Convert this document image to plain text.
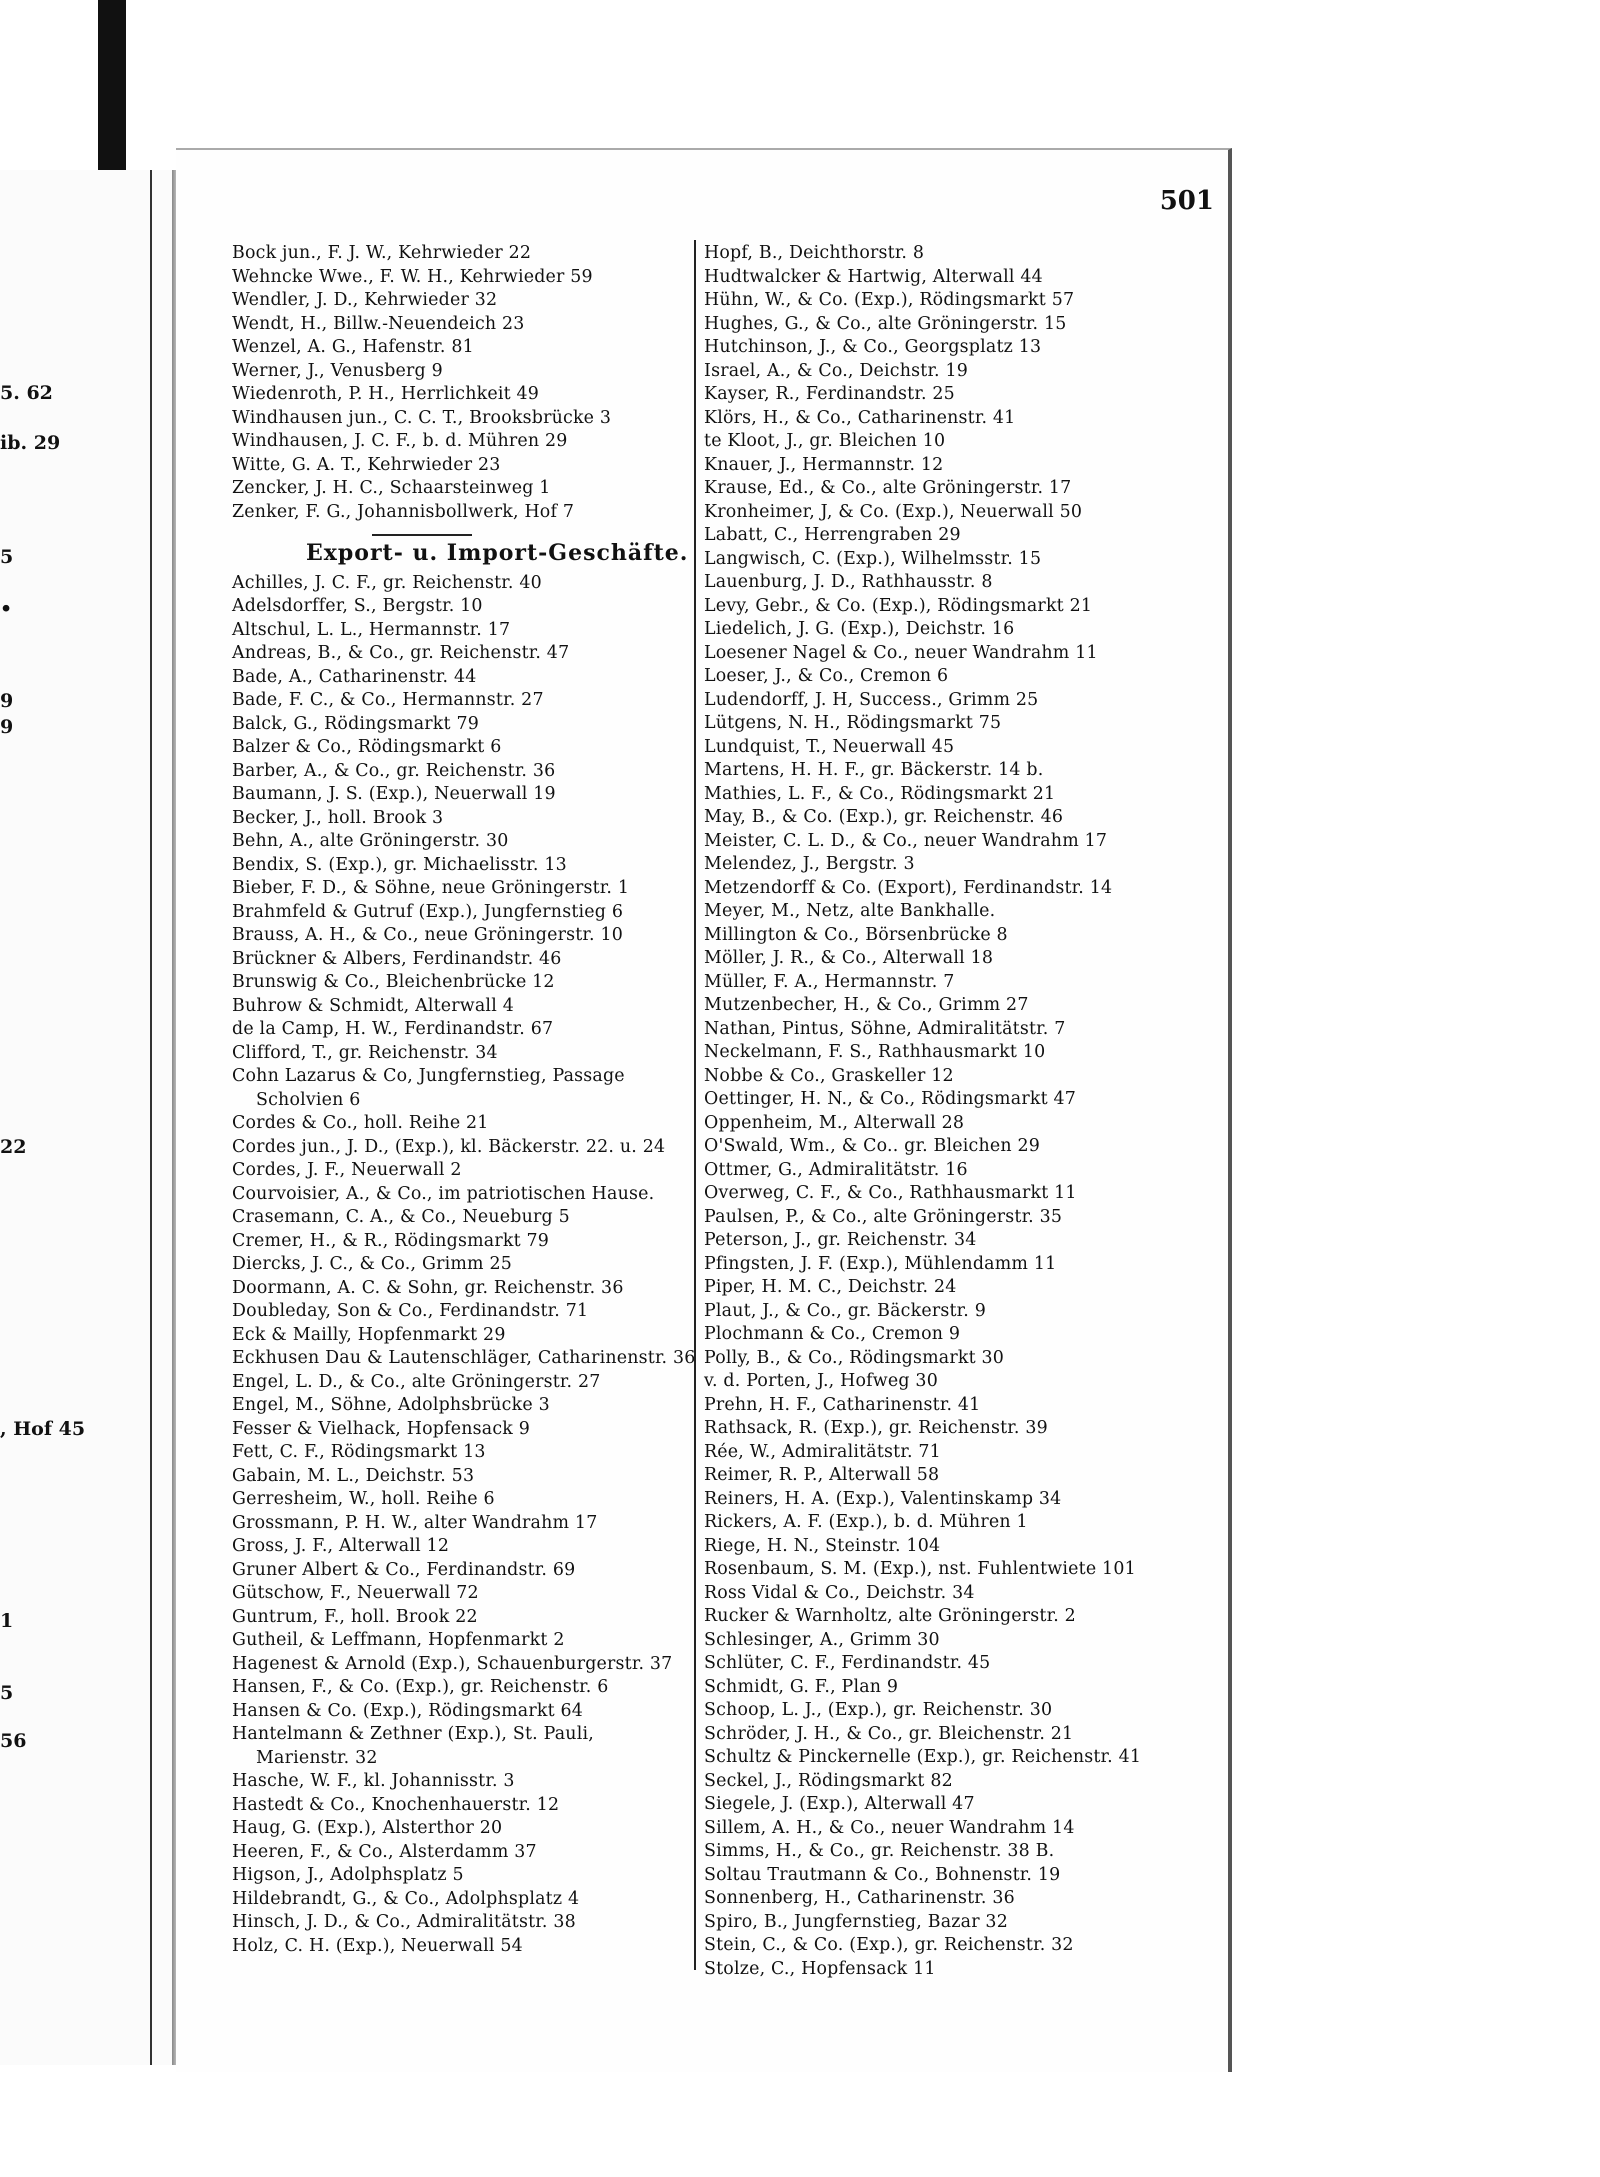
5. 62
ib. 29
5
•
9
9
22
, Hof 45
1
5
56
501
Bock jun., F. J. W., Kehrwieder 22
Wehncke Wwe., F. W. H., Kehrwieder 59
Wendler, J. D., Kehrwieder 32
Wendt, H., Billw.-Neuendeich 23
Wenzel, A. G., Hafenstr. 81
Werner, J., Venusberg 9
Wiedenroth, P. H., Herrlichkeit 49
Windhausen jun., C. C. T., Brooksbrücke 3
Windhausen, J. C. F., b. d. Mühren 29
Witte, G. A. T., Kehrwieder 23
Zencker, J. H. C., Schaarsteinweg 1
Zenker, F. G., Johannisbollwerk, Hof 7
Export- u. Import-Geschäfte.
Achilles, J. C. F., gr. Reichenstr. 40
Adelsdorffer, S., Bergstr. 10
Altschul, L. L., Hermannstr. 17
Andreas, B., & Co., gr. Reichenstr. 47
Bade, A., Catharinenstr. 44
Bade, F. C., & Co., Hermannstr. 27
Balck, G., Rödingsmarkt 79
Balzer & Co., Rödingsmarkt 6
Barber, A., & Co., gr. Reichenstr. 36
Baumann, J. S. (Exp.), Neuerwall 19
Becker, J., holl. Brook 3
Behn, A., alte Gröningerstr. 30
Bendix, S. (Exp.), gr. Michaelisstr. 13
Bieber, F. D., & Söhne, neue Gröningerstr. 1
Brahmfeld & Gutruf (Exp.), Jungfernstieg 6
Brauss, A. H., & Co., neue Gröningerstr. 10
Brückner & Albers, Ferdinandstr. 46
Brunswig & Co., Bleichenbrücke 12
Buhrow & Schmidt, Alterwall 4
de la Camp, H. W., Ferdinandstr. 67
Clifford, T., gr. Reichenstr. 34
Cohn Lazarus & Co, Jungfernstieg, Passage
Scholvien 6
Cordes & Co., holl. Reihe 21
Cordes jun., J. D., (Exp.), kl. Bäckerstr. 22. u. 24
Cordes, J. F., Neuerwall 2
Courvoisier, A., & Co., im patriotischen Hause.
Crasemann, C. A., & Co., Neueburg 5
Cremer, H., & R., Rödingsmarkt 79
Diercks, J. C., & Co., Grimm 25
Doormann, A. C. & Sohn, gr. Reichenstr. 36
Doubleday, Son & Co., Ferdinandstr. 71
Eck & Mailly, Hopfenmarkt 29
Eckhusen Dau & Lautenschläger, Catharinenstr. 36
Engel, L. D., & Co., alte Gröningerstr. 27
Engel, M., Söhne, Adolphsbrücke 3
Fesser & Vielhack, Hopfensack 9
Fett, C. F., Rödingsmarkt 13
Gabain, M. L., Deichstr. 53
Gerresheim, W., holl. Reihe 6
Grossmann, P. H. W., alter Wandrahm 17
Gross, J. F., Alterwall 12
Gruner Albert & Co., Ferdinandstr. 69
Gütschow, F., Neuerwall 72
Guntrum, F., holl. Brook 22
Gutheil, & Leffmann, Hopfenmarkt 2
Hagenest & Arnold (Exp.), Schauenburgerstr. 37
Hansen, F., & Co. (Exp.), gr. Reichenstr. 6
Hansen & Co. (Exp.), Rödingsmarkt 64
Hantelmann & Zethner (Exp.), St. Pauli,
Marienstr. 32
Hasche, W. F., kl. Johannisstr. 3
Hastedt & Co., Knochenhauerstr. 12
Haug, G. (Exp.), Alsterthor 20
Heeren, F., & Co., Alsterdamm 37
Higson, J., Adolphsplatz 5
Hildebrandt, G., & Co., Adolphsplatz 4
Hinsch, J. D., & Co., Admiralitätstr. 38
Holz, C. H. (Exp.), Neuerwall 54
Hopf, B., Deichthorstr. 8
Hudtwalcker & Hartwig, Alterwall 44
Hühn, W., & Co. (Exp.), Rödingsmarkt 57
Hughes, G., & Co., alte Gröningerstr. 15
Hutchinson, J., & Co., Georgsplatz 13
Israel, A., & Co., Deichstr. 19
Kayser, R., Ferdinandstr. 25
Klörs, H., & Co., Catharinenstr. 41
te Kloot, J., gr. Bleichen 10
Knauer, J., Hermannstr. 12
Krause, Ed., & Co., alte Gröningerstr. 17
Kronheimer, J, & Co. (Exp.), Neuerwall 50
Labatt, C., Herrengraben 29
Langwisch, C. (Exp.), Wilhelmsstr. 15
Lauenburg, J. D., Rathhausstr. 8
Levy, Gebr., & Co. (Exp.), Rödingsmarkt 21
Liedelich, J. G. (Exp.), Deichstr. 16
Loesener Nagel & Co., neuer Wandrahm 11
Loeser, J., & Co., Cremon 6
Ludendorff, J. H, Success., Grimm 25
Lütgens, N. H., Rödingsmarkt 75
Lundquist, T., Neuerwall 45
Martens, H. H. F., gr. Bäckerstr. 14 b.
Mathies, L. F., & Co., Rödingsmarkt 21
May, B., & Co. (Exp.), gr. Reichenstr. 46
Meister, C. L. D., & Co., neuer Wandrahm 17
Melendez, J., Bergstr. 3
Metzendorff & Co. (Export), Ferdinandstr. 14
Meyer, M., Netz, alte Bankhalle.
Millington & Co., Börsenbrücke 8
Möller, J. R., & Co., Alterwall 18
Müller, F. A., Hermannstr. 7
Mutzenbecher, H., & Co., Grimm 27
Nathan, Pintus, Söhne, Admiralitätstr. 7
Neckelmann, F. S., Rathhausmarkt 10
Nobbe & Co., Graskeller 12
Oettinger, H. N., & Co., Rödingsmarkt 47
Oppenheim, M., Alterwall 28
O'Swald, Wm., & Co.. gr. Bleichen 29
Ottmer, G., Admiralitätstr. 16
Overweg, C. F., & Co., Rathhausmarkt 11
Paulsen, P., & Co., alte Gröningerstr. 35
Peterson, J., gr. Reichenstr. 34
Pfingsten, J. F. (Exp.), Mühlendamm 11
Piper, H. M. C., Deichstr. 24
Plaut, J., & Co., gr. Bäckerstr. 9
Plochmann & Co., Cremon 9
Polly, B., & Co., Rödingsmarkt 30
v. d. Porten, J., Hofweg 30
Prehn, H. F., Catharinenstr. 41
Rathsack, R. (Exp.), gr. Reichenstr. 39
Rée, W., Admiralitätstr. 71
Reimer, R. P., Alterwall 58
Reiners, H. A. (Exp.), Valentinskamp 34
Rickers, A. F. (Exp.), b. d. Mühren 1
Riege, H. N., Steinstr. 104
Rosenbaum, S. M. (Exp.), nst. Fuhlentwiete 101
Ross Vidal & Co., Deichstr. 34
Rucker & Warnholtz, alte Gröningerstr. 2
Schlesinger, A., Grimm 30
Schlüter, C. F., Ferdinandstr. 45
Schmidt, G. F., Plan 9
Schoop, L. J., (Exp.), gr. Reichenstr. 30
Schröder, J. H., & Co., gr. Bleichenstr. 21
Schultz & Pinckernelle (Exp.), gr. Reichenstr. 41
Seckel, J., Rödingsmarkt 82
Siegele, J. (Exp.), Alterwall 47
Sillem, A. H., & Co., neuer Wandrahm 14
Simms, H., & Co., gr. Reichenstr. 38 B.
Soltau Trautmann & Co., Bohnenstr. 19
Sonnenberg, H., Catharinenstr. 36
Spiro, B., Jungfernstieg, Bazar 32
Stein, C., & Co. (Exp.), gr. Reichenstr. 32
Stolze, C., Hopfensack 11
